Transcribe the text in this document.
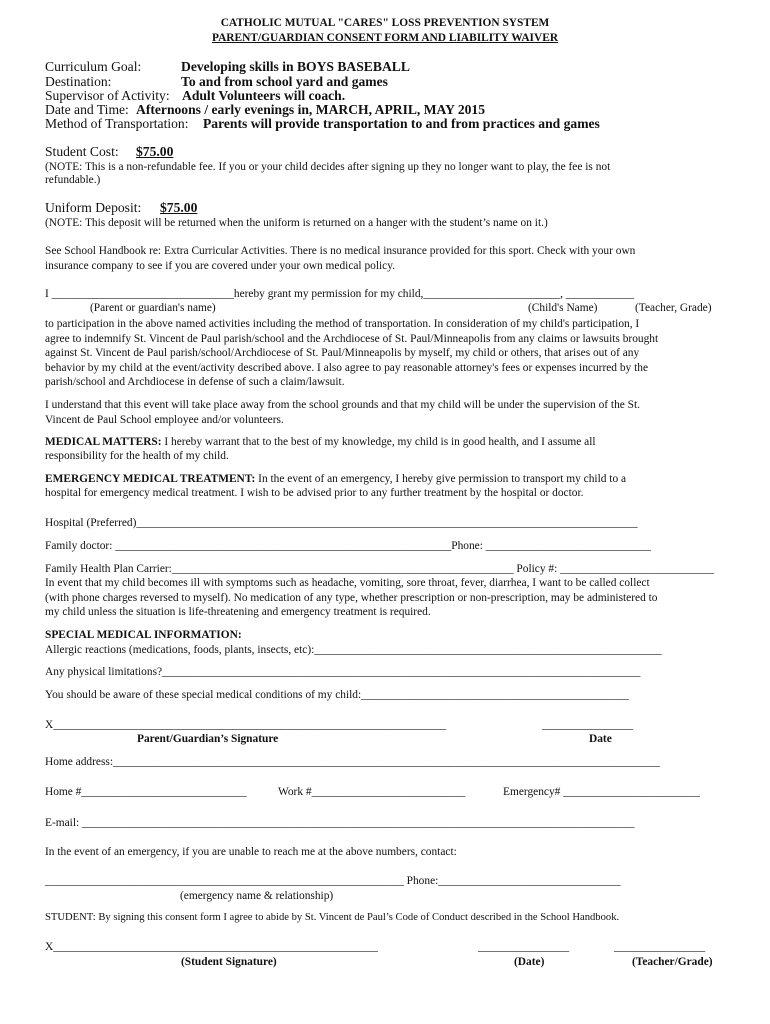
CATHOLIC MUTUAL "CARES" LOSS PREVENTION SYSTEM
PARENT/GUARDIAN CONSENT FORM AND LIABILITY WAIVER
Curriculum Goal:	Developing skills in BOYS BASEBALL
Destination:	To and from school yard and games
Supervisor of Activity: Adult Volunteers will coach.
Date and Time: Afternoons / early evenings in, MARCH, APRIL, MAY 2015
Method of Transportation: Parents will provide transportation to and from practices and games
Student Cost: $75.00
(NOTE: This is a non-refundable fee. If you or your child decides after signing up they no longer want to play, the fee is not
refundable.)
Uniform Deposit: $75.00
(NOTE: This deposit will be returned when the uniform is returned on a hanger with the student’s name on it.)
See School Handbook re: Extra Curricular Activities. There is no medical insurance provided for this sport. Check with your own
insurance company to see if you are covered under your own medical policy.
I ________________________________hereby grant my permission for my child,________________________, ____________
(Parent or guardian's name)	(Child's Name)	(Teacher, Grade)
to participation in the above named activities including the method of transportation. In consideration of my child's participation, I
agree to indemnify St. Vincent de Paul parish/school and the Archdiocese of St. Paul/Minneapolis from any claims or lawsuits brought
against St. Vincent de Paul parish/school/Archdiocese of St. Paul/Minneapolis by myself, my child or others, that arises out of any
behavior by my child at the event/activity described above. I also agree to pay reasonable attorney's fees or expenses incurred by the
parish/school and Archdiocese in defense of such a claim/lawsuit.
I understand that this event will take place away from the school grounds and that my child will be under the supervision of the St.
Vincent de Paul School employee and/or volunteers.
MEDICAL MATTERS: I hereby warrant that to the best of my knowledge, my child is in good health, and I assume all
responsibility for the health of my child.
EMERGENCY MEDICAL TREATMENT: In the event of an emergency, I hereby give permission to transport my child to a
hospital for emergency medical treatment. I wish to be advised prior to any further treatment by the hospital or doctor.
Hospital (Preferred)________________________________________________________________________________________
Family doctor: ___________________________________________________________Phone: _____________________________
Family Health Plan Carrier:____________________________________________________________ Policy #: ___________________________
In event that my child becomes ill with symptoms such as headache, vomiting, sore throat, fever, diarrhea, I want to be called collect
(with phone charges reversed to myself). No medication of any type, whether prescription or non-prescription, may be administered to
my child unless the situation is life-threatening and emergency treatment is required.
SPECIAL MEDICAL INFORMATION:
Allergic reactions (medications, foods, plants, insects, etc):_____________________________________________________________
Any physical limitations?____________________________________________________________________________________
You should be aware of these special medical conditions of my child:_______________________________________________
X_____________________________________________________________________	________________
Parent/Guardian’s Signature	Date
Home address:________________________________________________________________________________________________
Home #_____________________________	Work #___________________________	Emergency# ________________________
E-mail: _________________________________________________________________________________________________
In the event of an emergency, if you are unable to reach me at the above numbers, contact:
_______________________________________________________________ Phone:________________________________
(emergency name & relationship)
STUDENT: By signing this consent form I agree to abide by St. Vincent de Paul’s Code of Conduct described in the School Handbook.
X_________________________________________________________	________________	________________
(Student Signature)	(Date)	(Teacher/Grade)
